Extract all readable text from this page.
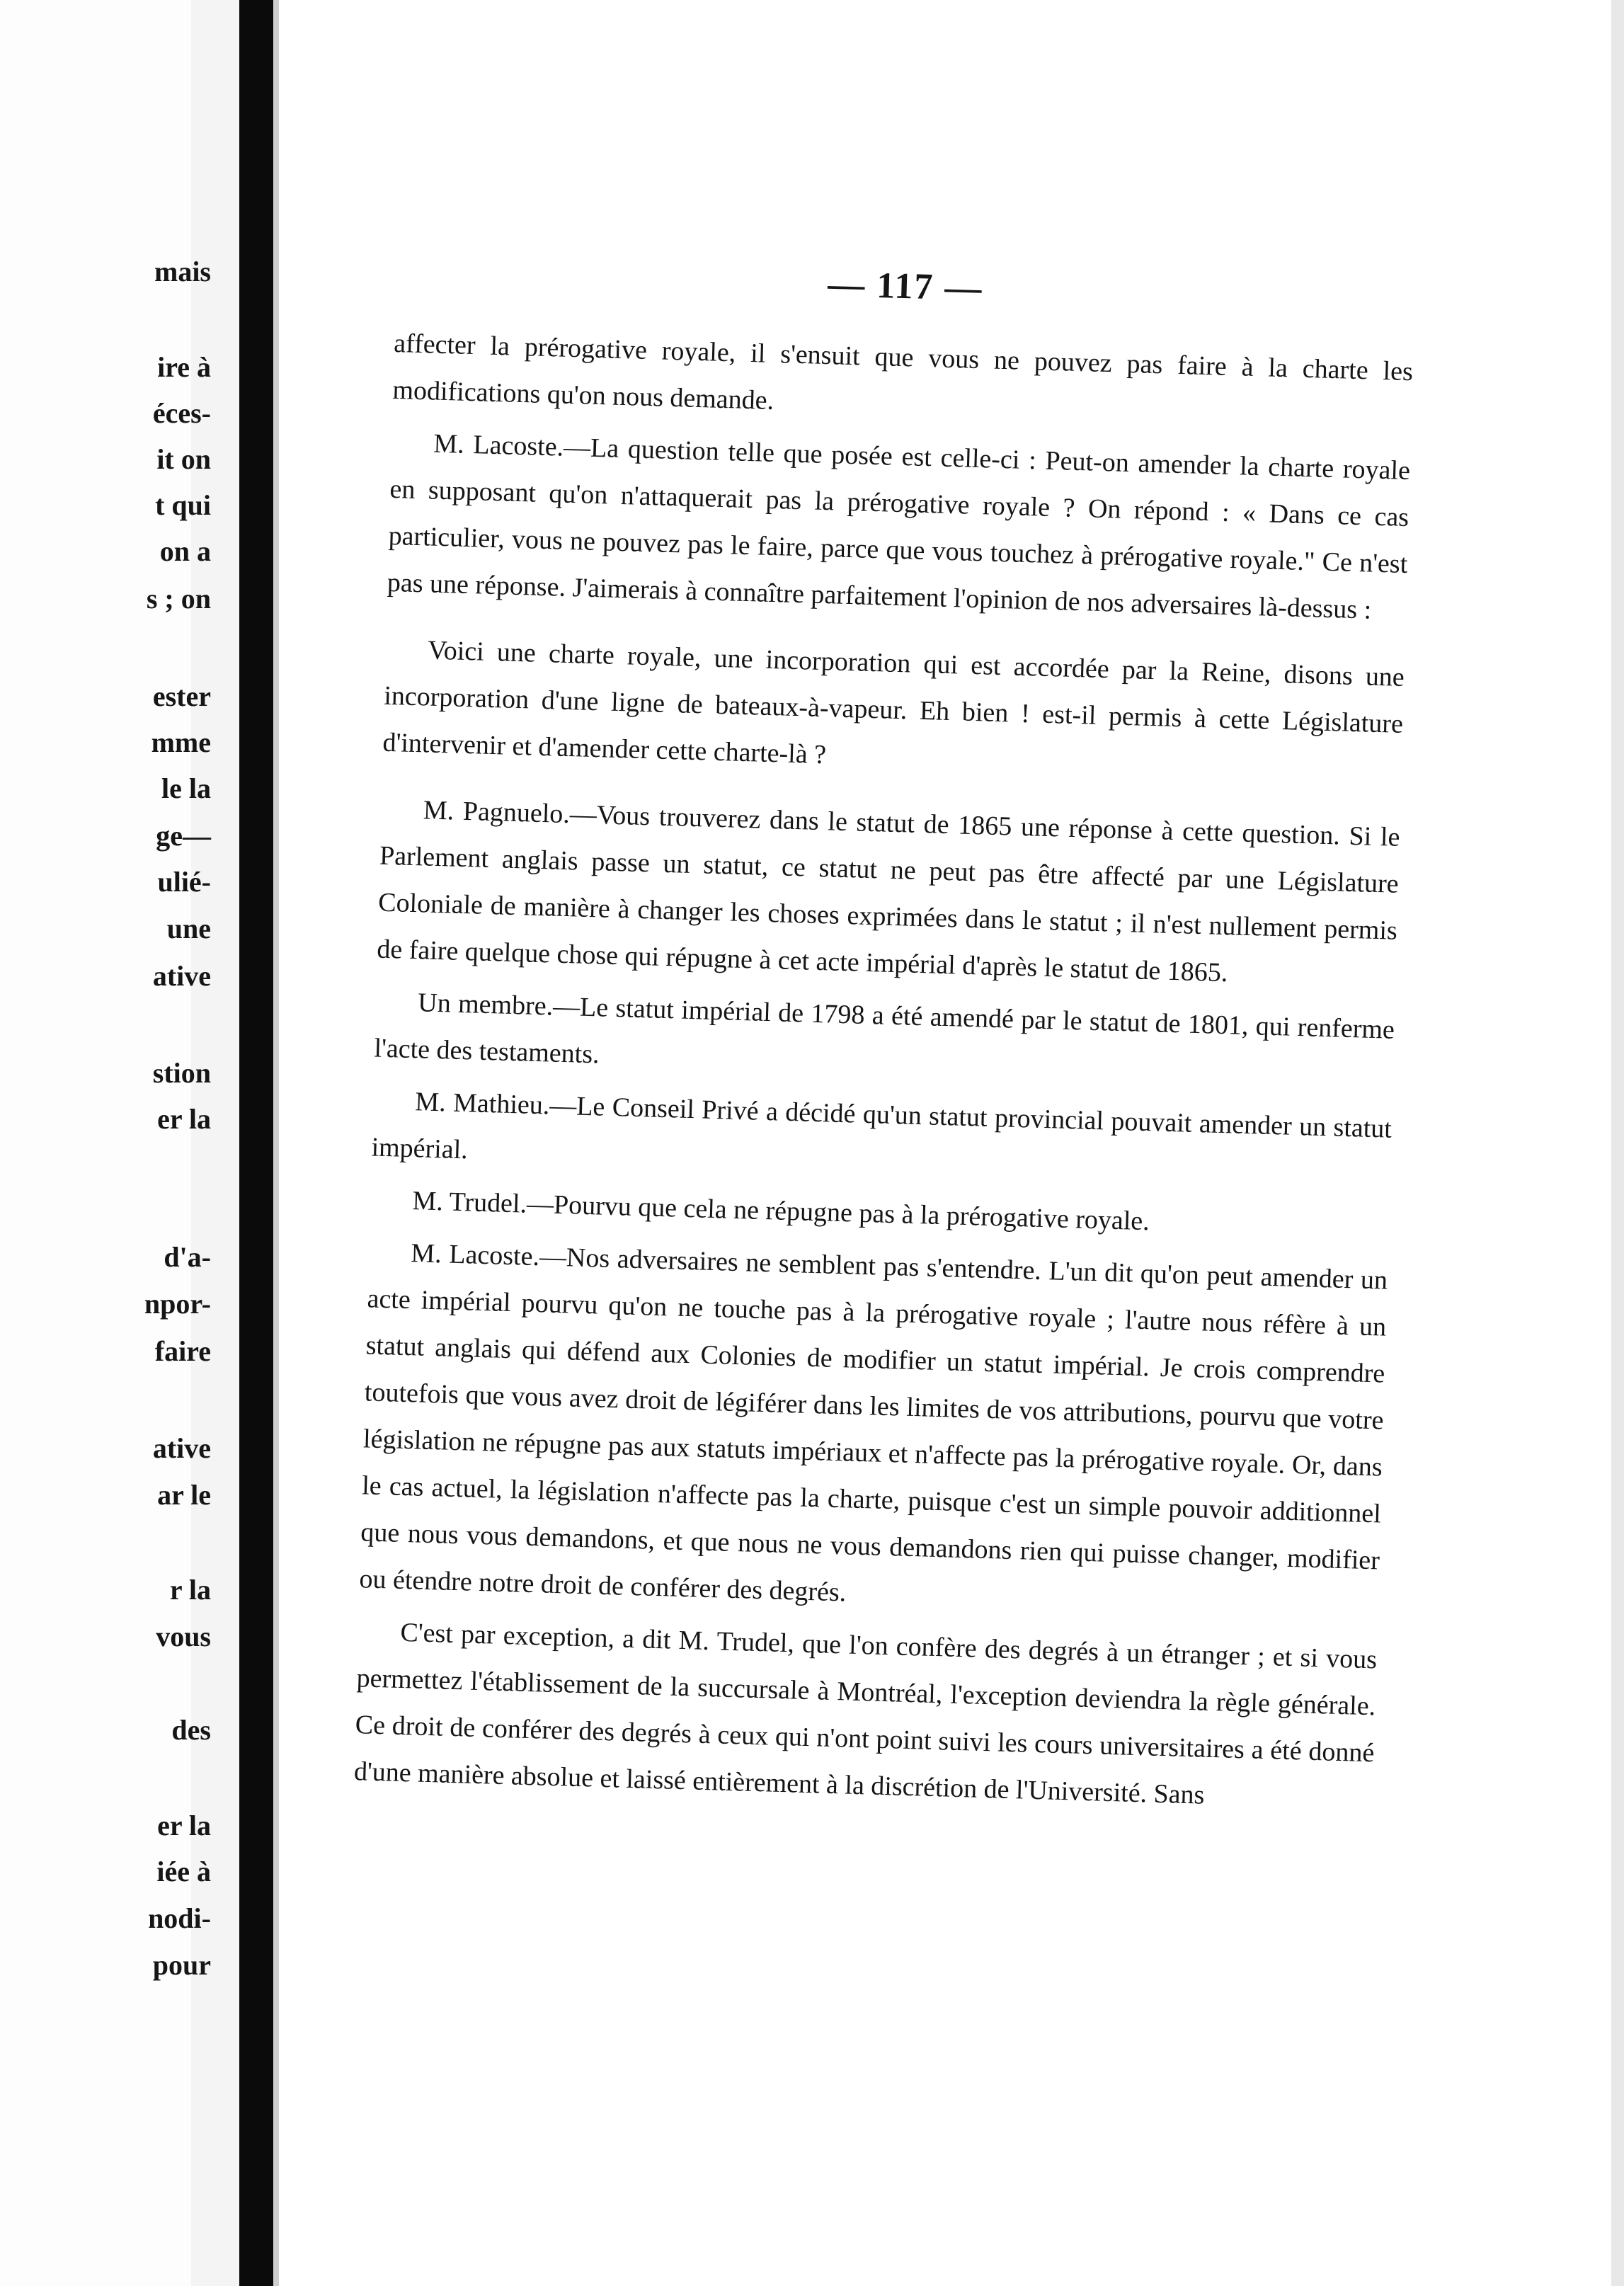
mais
ire à
éces-
it on
t qui
on a
s ; on
ester
mme
le la
ge—
ulié-
une
ative
stion
er la
d'a-
npor-
faire
ative
ar le
r la
vous
des
er la
iée à
nodi-
pour
— 117 —

affecter la prérogative royale, il s'ensuit que vous ne pouvez pas faire à la charte les modifications qu'on nous demande.

M. Lacoste.—La question telle que posée est celle-ci : Peut-on amender la charte royale en supposant qu'on n'attaquerait pas la prérogative royale ? On répond : « Dans ce cas particulier, vous ne pouvez pas le faire, parce que vous touchez à prérogative royale." Ce n'est pas une réponse. J'aimerais à connaître parfaitement l'opinion de nos adversaires là-dessus :

Voici une charte royale, une incorporation qui est accordée par la Reine, disons une incorporation d'une ligne de bateaux-à-vapeur. Eh bien ! est-il permis à cette Législature d'intervenir et d'amender cette charte-là ?

M. Pagnuelo.—Vous trouverez dans le statut de 1865 une réponse à cette question. Si le Parlement anglais passe un statut, ce statut ne peut pas être affecté par une Législature Coloniale de manière à changer les choses exprimées dans le statut ; il n'est nullement permis de faire quelque chose qui répugne à cet acte impérial d'après le statut de 1865.

Un membre.—Le statut impérial de 1798 a été amendé par le statut de 1801, qui renferme l'acte des testaments.

M. Mathieu.—Le Conseil Privé a décidé qu'un statut provincial pouvait amender un statut impérial.

M. Trudel.—Pourvu que cela ne répugne pas à la prérogative royale.

M. Lacoste.—Nos adversaires ne semblent pas s'entendre. L'un dit qu'on peut amender un acte impérial pourvu qu'on ne touche pas à la prérogative royale ; l'autre nous réfère à un statut anglais qui défend aux Colonies de modifier un statut impérial. Je crois comprendre toutefois que vous avez droit de légiférer dans les limites de vos attributions, pourvu que votre législation ne répugne pas aux statuts impériaux et n'affecte pas la prérogative royale. Or, dans le cas actuel, la législation n'affecte pas la charte, puisque c'est un simple pouvoir additionnel que nous vous demandons, et que nous ne vous demandons rien qui puisse changer, modifier ou étendre notre droit de conférer des degrés.

C'est par exception, a dit M. Trudel, que l'on confère des degrés à un étranger ; et si vous permettez l'établissement de la succursale à Montréal, l'exception deviendra la règle générale. Ce droit de conférer des degrés à ceux qui n'ont point suivi les cours universitaires a été donné d'une manière absolue et laissé entièrement à la discrétion de l'Université. Sans
